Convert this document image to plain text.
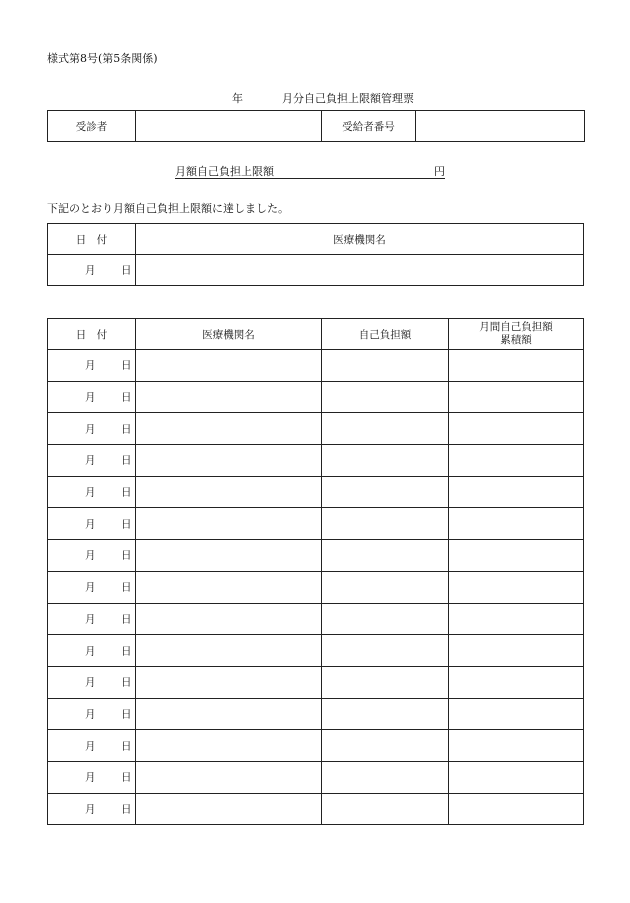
様式第8号(第5条関係)
年	月分自己負担上限額管理票
受診者		受給者番号	
月額自己負担上限額	円
下記のとおり月額自己負担上限額に達しました。
日　付	医療機関名

月 日	

日　付	医療機関名	自己負担額	月間自己負担額
累積額

月 日			

月 日			

月 日			

月 日			

月 日			

月 日			

月 日			

月 日			

月 日			

月 日			

月 日			

月 日			

月 日			

月 日			

月 日			
